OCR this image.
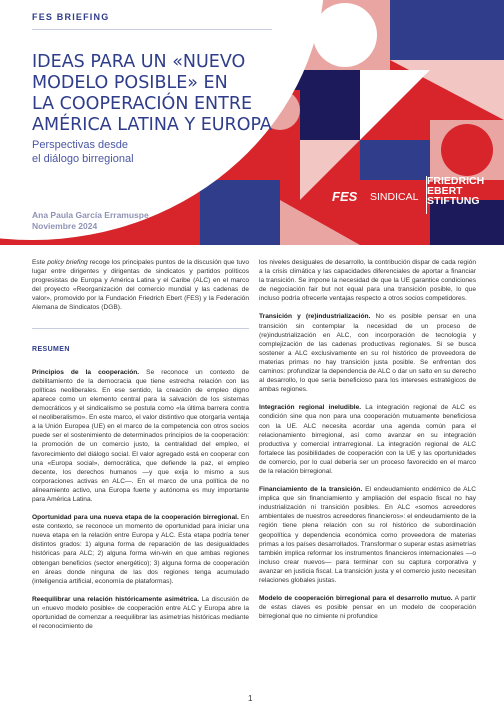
FES BRIEFING
IDEAS PARA UN «NUEVO
MODELO POSIBLE» EN
LA COOPERACIÓN ENTRE
AMÉRICA LATINA Y EUROPA
Perspectivas desde
el diálogo birregional
Ana Paula García Erramuspe
Noviembre 2024
FES SINDICAL
FRIEDRICH
EBERT
STIFTUNG

Este policy briefing recoge los principales puntos de la discusión que tuvo lugar entre dirigentes y dirigentas de sindicatos y partidos políticos progresistas de Europa y América Latina y el Caribe (ALC) en el marco del proyecto «Reorganización del comercio mundial y las cadenas de valor», promovido por la Fundación Friedrich Ebert (FES) y la Federación Alemana de Sindicatos (DGB).

RESUMEN

Principios de la cooperación. Se reconoce un contexto de debilitamiento de la democracia que tiene estrecha relación con las políticas neoliberales. En ese sentido, la creación de empleo digno aparece como un elemento central para la salvación de los sistemas democráticos y el sindicalismo se postula como «la última barrera contra el neoliberalismo». En este marco, el valor distintivo que otorgaría ventaja a la Unión Europea (UE) en el marco de la competencia con otros socios puede ser el sostenimiento de determinados principios de la cooperación: la promoción de un comercio justo, la centralidad del empleo, el favorecimiento del diálogo social. El valor agregado está en cooperar con una «Europa social», democrática, que defiende la paz, el empleo decente, los derechos humanos —y que exija lo mismo a sus corporaciones activas en ALC—. En el marco de una política de no alineamiento activo, una Europa fuerte y autónoma es muy importante para América Latina.

Oportunidad para una nueva etapa de la cooperación birregional. En este contexto, se reconoce un momento de oportunidad para iniciar una nueva etapa en la relación entre Europa y ALC. Esta etapa podría tener distintos grados: 1) alguna forma de reparación de las desigualdades históricas para ALC; 2) alguna forma win-win en que ambas regiones obtengan beneficios (sector energético); 3) alguna forma de cooperación en áreas donde ninguna de las dos regiones tenga acumulado (inteligencia artificial, economía de plataformas).

Reequilibrar una relación históricamente asimétrica. La discusión de un «nuevo modelo posible» de cooperación entre ALC y Europa abre la oportunidad de comenzar a reequilibrar las asimetrías históricas mediante el reconocimiento de

los niveles desiguales de desarrollo, la contribución dispar de cada región a la crisis climática y las capacidades diferenciales de aportar a financiar la transición. Se impone la necesidad de que la UE garantice condiciones de negociación fair but not equal para una transición posible, lo que incluso podría ofrecerle ventajas respecto a otros socios competidores.

Transición y (re)industrialización. No es posible pensar en una transición sin contemplar la necesidad de un proceso de (re)industrialización en ALC, con incorporación de tecnología y complejización de las cadenas productivas regionales. Si se busca sostener a ALC exclusivamente en su rol histórico de proveedora de materias primas no hay transición justa posible. Se enfrentan dos caminos: profundizar la dependencia de ALC o dar un salto en su derecho al desarrollo, lo que sería beneficioso para los intereses estratégicos de ambas regiones.

Integración regional ineludible. La integración regional de ALC es condición sine qua non para una cooperación mutuamente beneficiosa con la UE. ALC necesita acordar una agenda común para el relacionamiento birregional, así como avanzar en su integración productiva y comercial intrarregional. La integración regional de ALC fortalece las posibilidades de cooperación con la UE y las oportunidades de comercio, por lo cual debería ser un proceso favorecido en el marco de la relación birregional.

Financiamiento de la transición. El endeudamiento endémico de ALC implica que sin financiamiento y ampliación del espacio fiscal no hay industrialización ni transición posibles. En ALC «somos acreedores ambientales de nuestros acreedores financieros»: el endeudamiento de la región tiene plena relación con su rol histórico de subordinación geopolítica y dependencia económica como proveedora de materias primas a los países desarrollados. Transformar o superar estas asimetrías también implica reformar los instrumentos financieros internacionales —o incluso crear nuevos— para terminar con su captura corporativa y avanzar en justicia fiscal. La transición justa y el comercio justo necesitan relaciones globales justas.

Modelo de cooperación birregional para el desarrollo mutuo. A partir de estas claves es posible pensar en un modelo de cooperación birregional que no cimiente ni profundice

1
